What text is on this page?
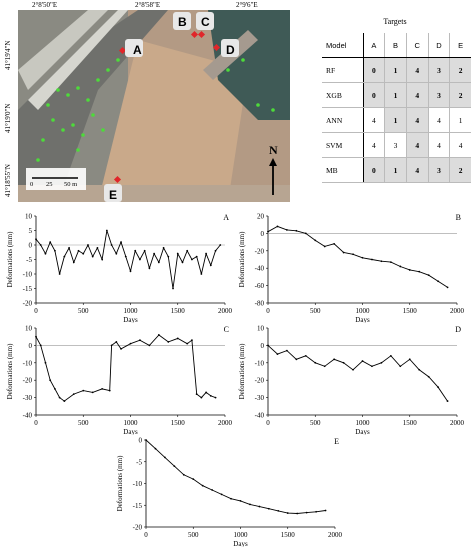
A
B C
D
E
0 25 50 m
N
2°8'50"E	2°8'58"E	2°9'6"E
41°19'4"N
41°19'0"N
41°18'55"N
Targets
Model	A	B	C	D	E
RF	0	1	4	3	2
XGB	0	1	4	3	2
ANN	4	1	4	4	1
SVM	4	3	4	4	4
MB	0	1	4	3	2
-20
-15
-10
-5
0
5
10
0	500	1000	1500	2000
Days
Deformations (mm)
A
-80
-60
-40
-20
0
20
0	500	1000	1500	2000
Days
Deformations (mm)
B
-40
-30
-20
-10
0
10
0	500	1000	1500	2000
Days
Deformations (mm)
C
-40
-30
-20
-10
0
10
0	500	1000	1500	2000
Days
Deformations (mm)
D
-20
-15
-10
-5
0
0	500	1000	1500	2000
Days
Deformations (mm)
E
